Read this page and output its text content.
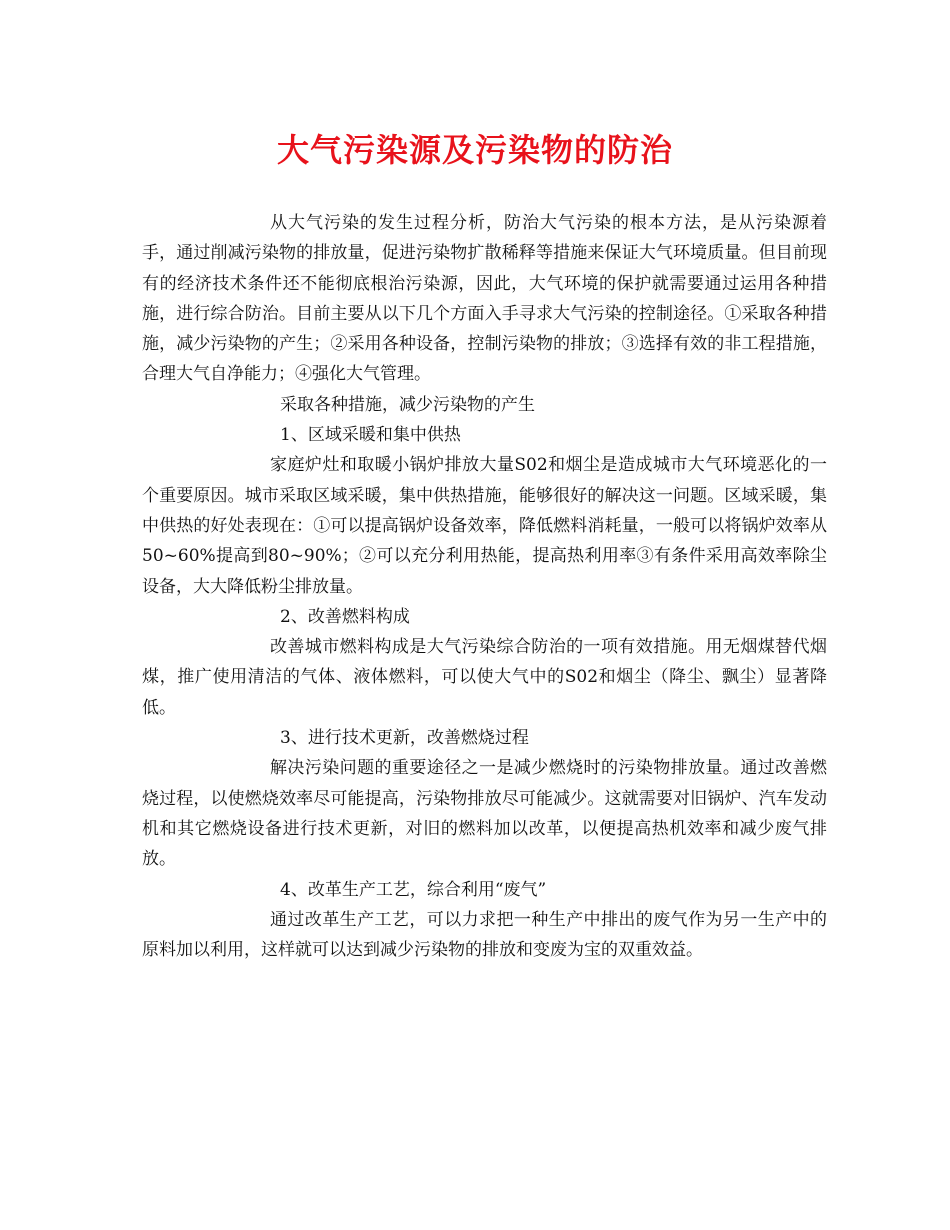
大气污染源及污染物的防治

从大气污染的发生过程分析，防治大气污染的根本方法，是从污染源着手，通过削减污染物的排放量，促进污染物扩散稀释等措施来保证大气环境质量。但目前现有的经济技术条件还不能彻底根治污染源，因此，大气环境的保护就需要通过运用各种措施，进行综合防治。目前主要从以下几个方面入手寻求大气污染的控制途径。①采取各种措施，减少污染物的产生；②采用各种设备，控制污染物的排放；③选择有效的非工程措施，合理大气自净能力；④强化大气管理。

采取各种措施，减少污染物的产生

1、区域采暖和集中供热

家庭炉灶和取暖小锅炉排放大量S02和烟尘是造成城市大气环境恶化的一个重要原因。城市采取区域采暖，集中供热措施，能够很好的解决这一问题。区域采暖，集中供热的好处表现在：①可以提高锅炉设备效率，降低燃料消耗量，一般可以将锅炉效率从50~60%提高到80~90%；②可以充分利用热能，提高热利用率③有条件采用高效率除尘设备，大大降低粉尘排放量。

2、改善燃料构成

改善城市燃料构成是大气污染综合防治的一项有效措施。用无烟煤替代烟煤，推广使用清洁的气体、液体燃料，可以使大气中的S02和烟尘（降尘、飘尘）显著降低。

3、进行技术更新，改善燃烧过程

解决污染问题的重要途径之一是减少燃烧时的污染物排放量。通过改善燃烧过程，以使燃烧效率尽可能提高，污染物排放尽可能减少。这就需要对旧锅炉、汽车发动机和其它燃烧设备进行技术更新，对旧的燃料加以改革，以便提高热机效率和减少废气排放。

4、改革生产工艺，综合利用“废气”

通过改革生产工艺，可以力求把一种生产中排出的废气作为另一生产中的原料加以利用，这样就可以达到减少污染物的排放和变废为宝的双重效益。
